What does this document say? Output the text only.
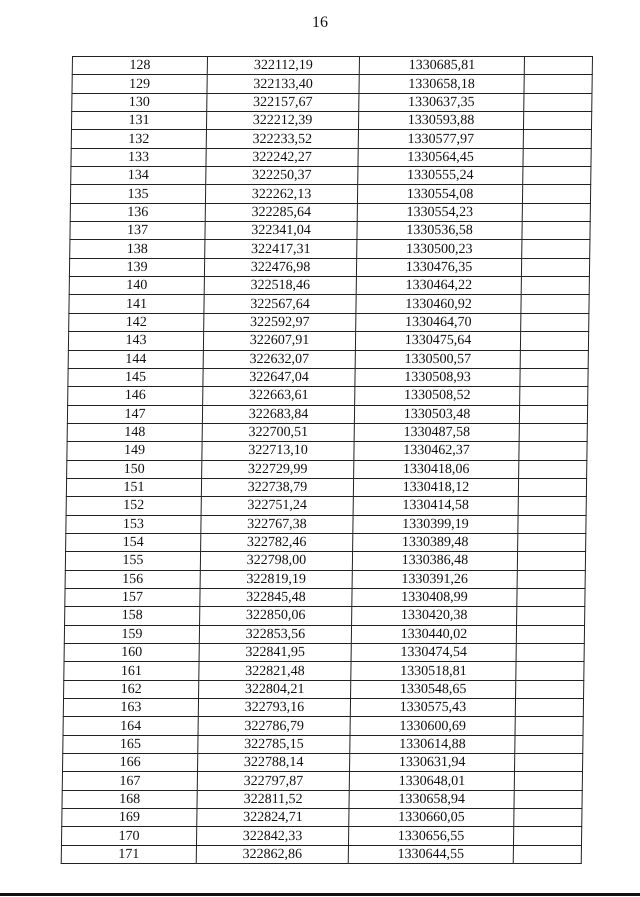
16
128	322112,19	1330685,81	
129	322133,40	1330658,18	
130	322157,67	1330637,35	
131	322212,39	1330593,88	
132	322233,52	1330577,97	
133	322242,27	1330564,45	
134	322250,37	1330555,24	
135	322262,13	1330554,08	
136	322285,64	1330554,23	
137	322341,04	1330536,58	
138	322417,31	1330500,23	
139	322476,98	1330476,35	
140	322518,46	1330464,22	
141	322567,64	1330460,92	
142	322592,97	1330464,70	
143	322607,91	1330475,64	
144	322632,07	1330500,57	
145	322647,04	1330508,93	
146	322663,61	1330508,52	
147	322683,84	1330503,48	
148	322700,51	1330487,58	
149	322713,10	1330462,37	
150	322729,99	1330418,06	
151	322738,79	1330418,12	
152	322751,24	1330414,58	
153	322767,38	1330399,19	
154	322782,46	1330389,48	
155	322798,00	1330386,48	
156	322819,19	1330391,26	
157	322845,48	1330408,99	
158	322850,06	1330420,38	
159	322853,56	1330440,02	
160	322841,95	1330474,54	
161	322821,48	1330518,81	
162	322804,21	1330548,65	
163	322793,16	1330575,43	
164	322786,79	1330600,69	
165	322785,15	1330614,88	
166	322788,14	1330631,94	
167	322797,87	1330648,01	
168	322811,52	1330658,94	
169	322824,71	1330660,05	
170	322842,33	1330656,55	
171	322862,86	1330644,55	
